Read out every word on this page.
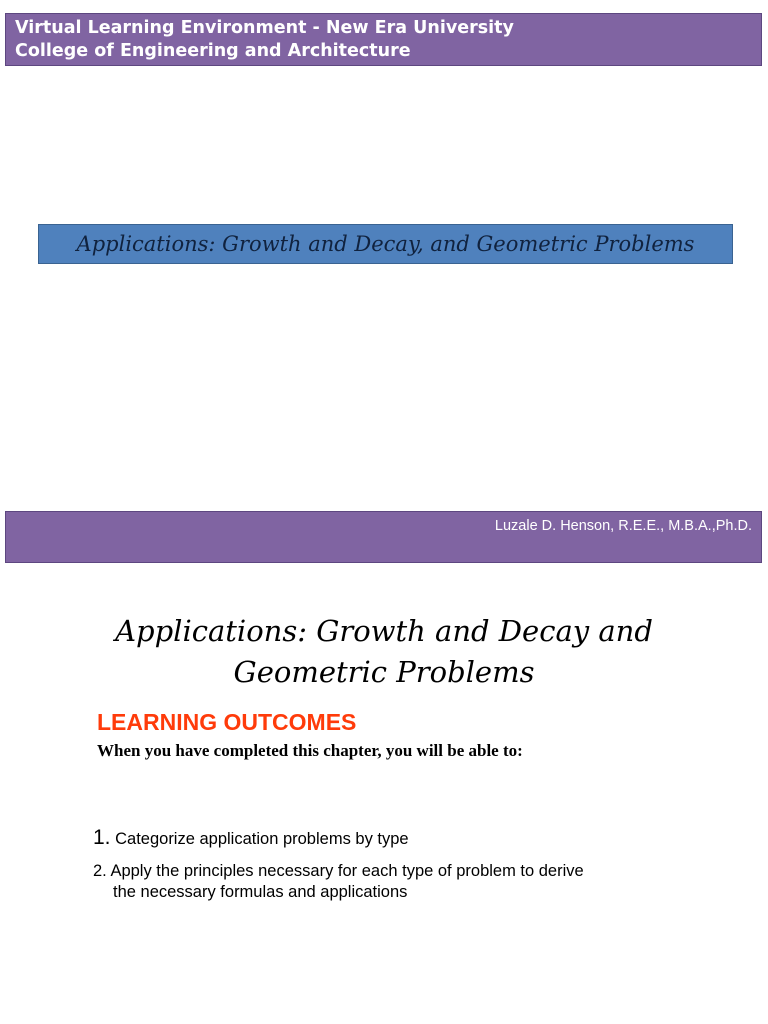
Virtual Learning Environment - New Era University
College of Engineering and Architecture
Applications: Growth and Decay, and Geometric Problems
Luzale D. Henson, R.E.E., M.B.A.,Ph.D.
Applications: Growth and Decay and
Geometric Problems
LEARNING OUTCOMES
When you have completed this chapter, you will be able to:
1. Categorize application problems by type
2. Apply the principles necessary for each type of problem to derive
the necessary formulas and applications
